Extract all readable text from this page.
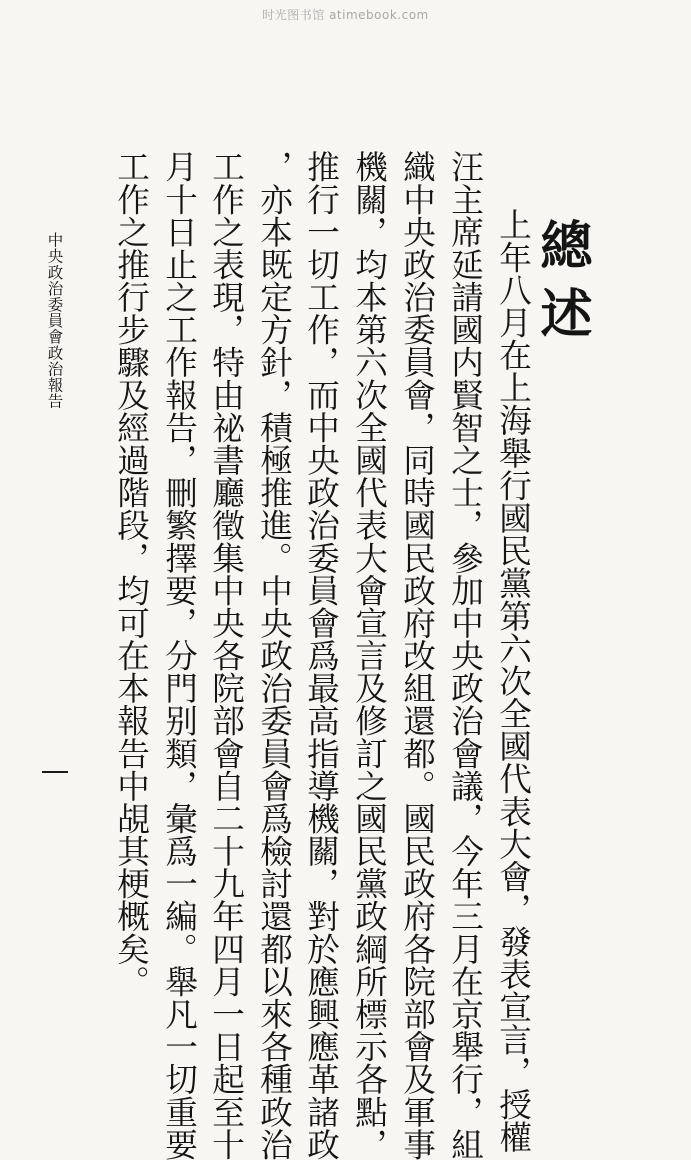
时光图书馆 atimebook.com
總述
上年八月在上海舉行國民黨第六次全國代表大會，發表宣言，授權
汪主席延請國内賢智之士，參加中央政治會議，今年三月在京舉行，組
織中央政治委員會，同時國民政府改組還都。國民政府各院部會及軍事
機關，均本第六次全國代表大會宣言及修訂之國民黨政綱所標示各點，
推行一切工作，而中央政治委員會爲最高指導機關，對於應興應革諸政
，亦本既定方針，積極推進。中央政治委員會爲檢討還都以來各種政治
工作之表現，特由祕書廳徵集中央各院部會自二十九年四月一日起至十
月十日止之工作報告，刪繁擇要，分門别類，彙爲一編。舉凡一切重要
工作之推行步驟及經過階段，均可在本報告中覘其梗概矣。
中央政治委員會政治報告
